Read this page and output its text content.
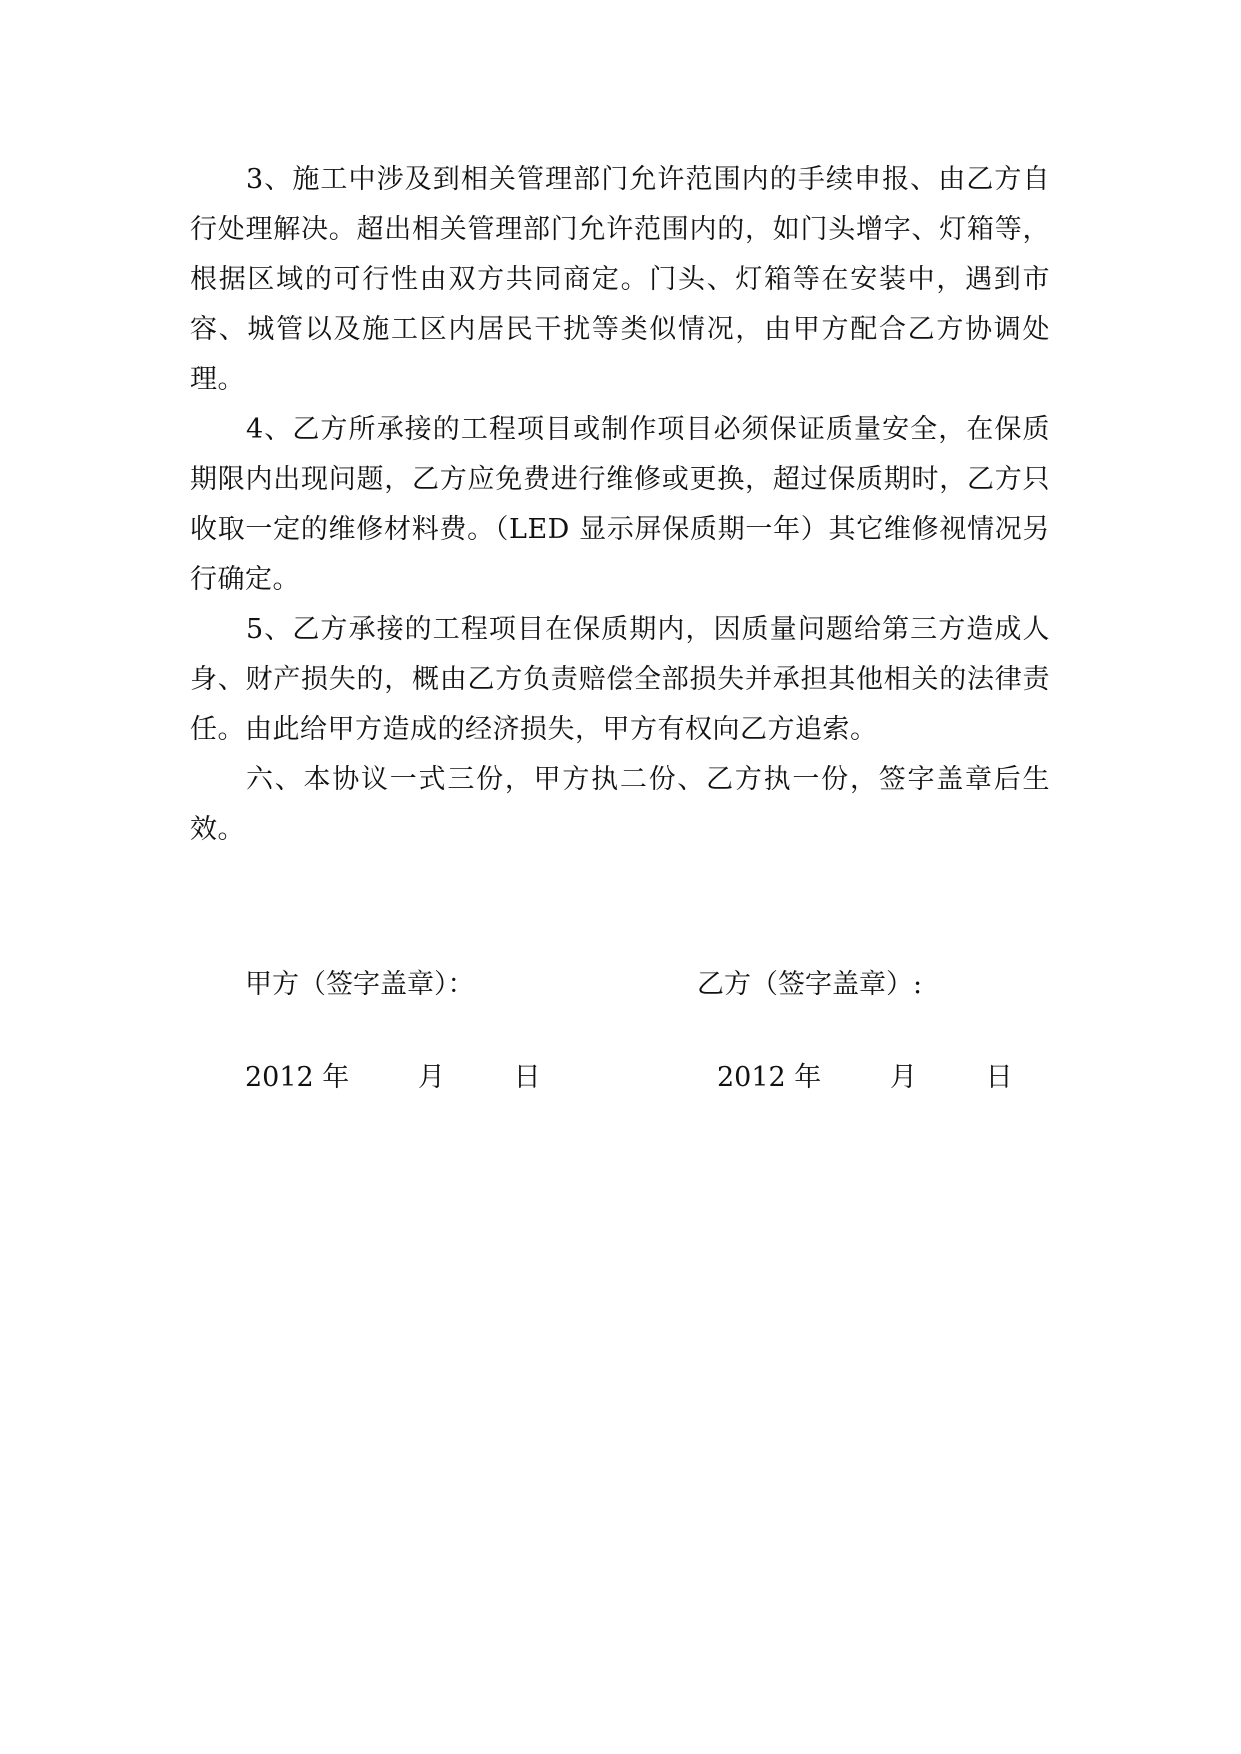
3、施工中涉及到相关管理部门允许范围内的手续申报、由乙方自行处理解决。超出相关管理部门允许范围内的，如门头增字、灯箱等，根据区域的可行性由双方共同商定。门头、灯箱等在安装中，遇到市容、城管以及施工区内居民干扰等类似情况，由甲方配合乙方协调处理。

4、乙方所承接的工程项目或制作项目必须保证质量安全，在保质期限内出现问题，乙方应免费进行维修或更换，超过保质期时，乙方只收取一定的维修材料费。（LED 显示屏保质期一年）其它维修视情况另行确定。

5、乙方承接的工程项目在保质期内，因质量问题给第三方造成人身、财产损失的，概由乙方负责赔偿全部损失并承担其他相关的法律责任。由此给甲方造成的经济损失，甲方有权向乙方追索。

六、本协议一式三份，甲方执二份、乙方执一份，签字盖章后生效。

甲方（签字盖章）：

	乙方（签字盖章）:

2012 年        月        日

	2012 年        月        日
